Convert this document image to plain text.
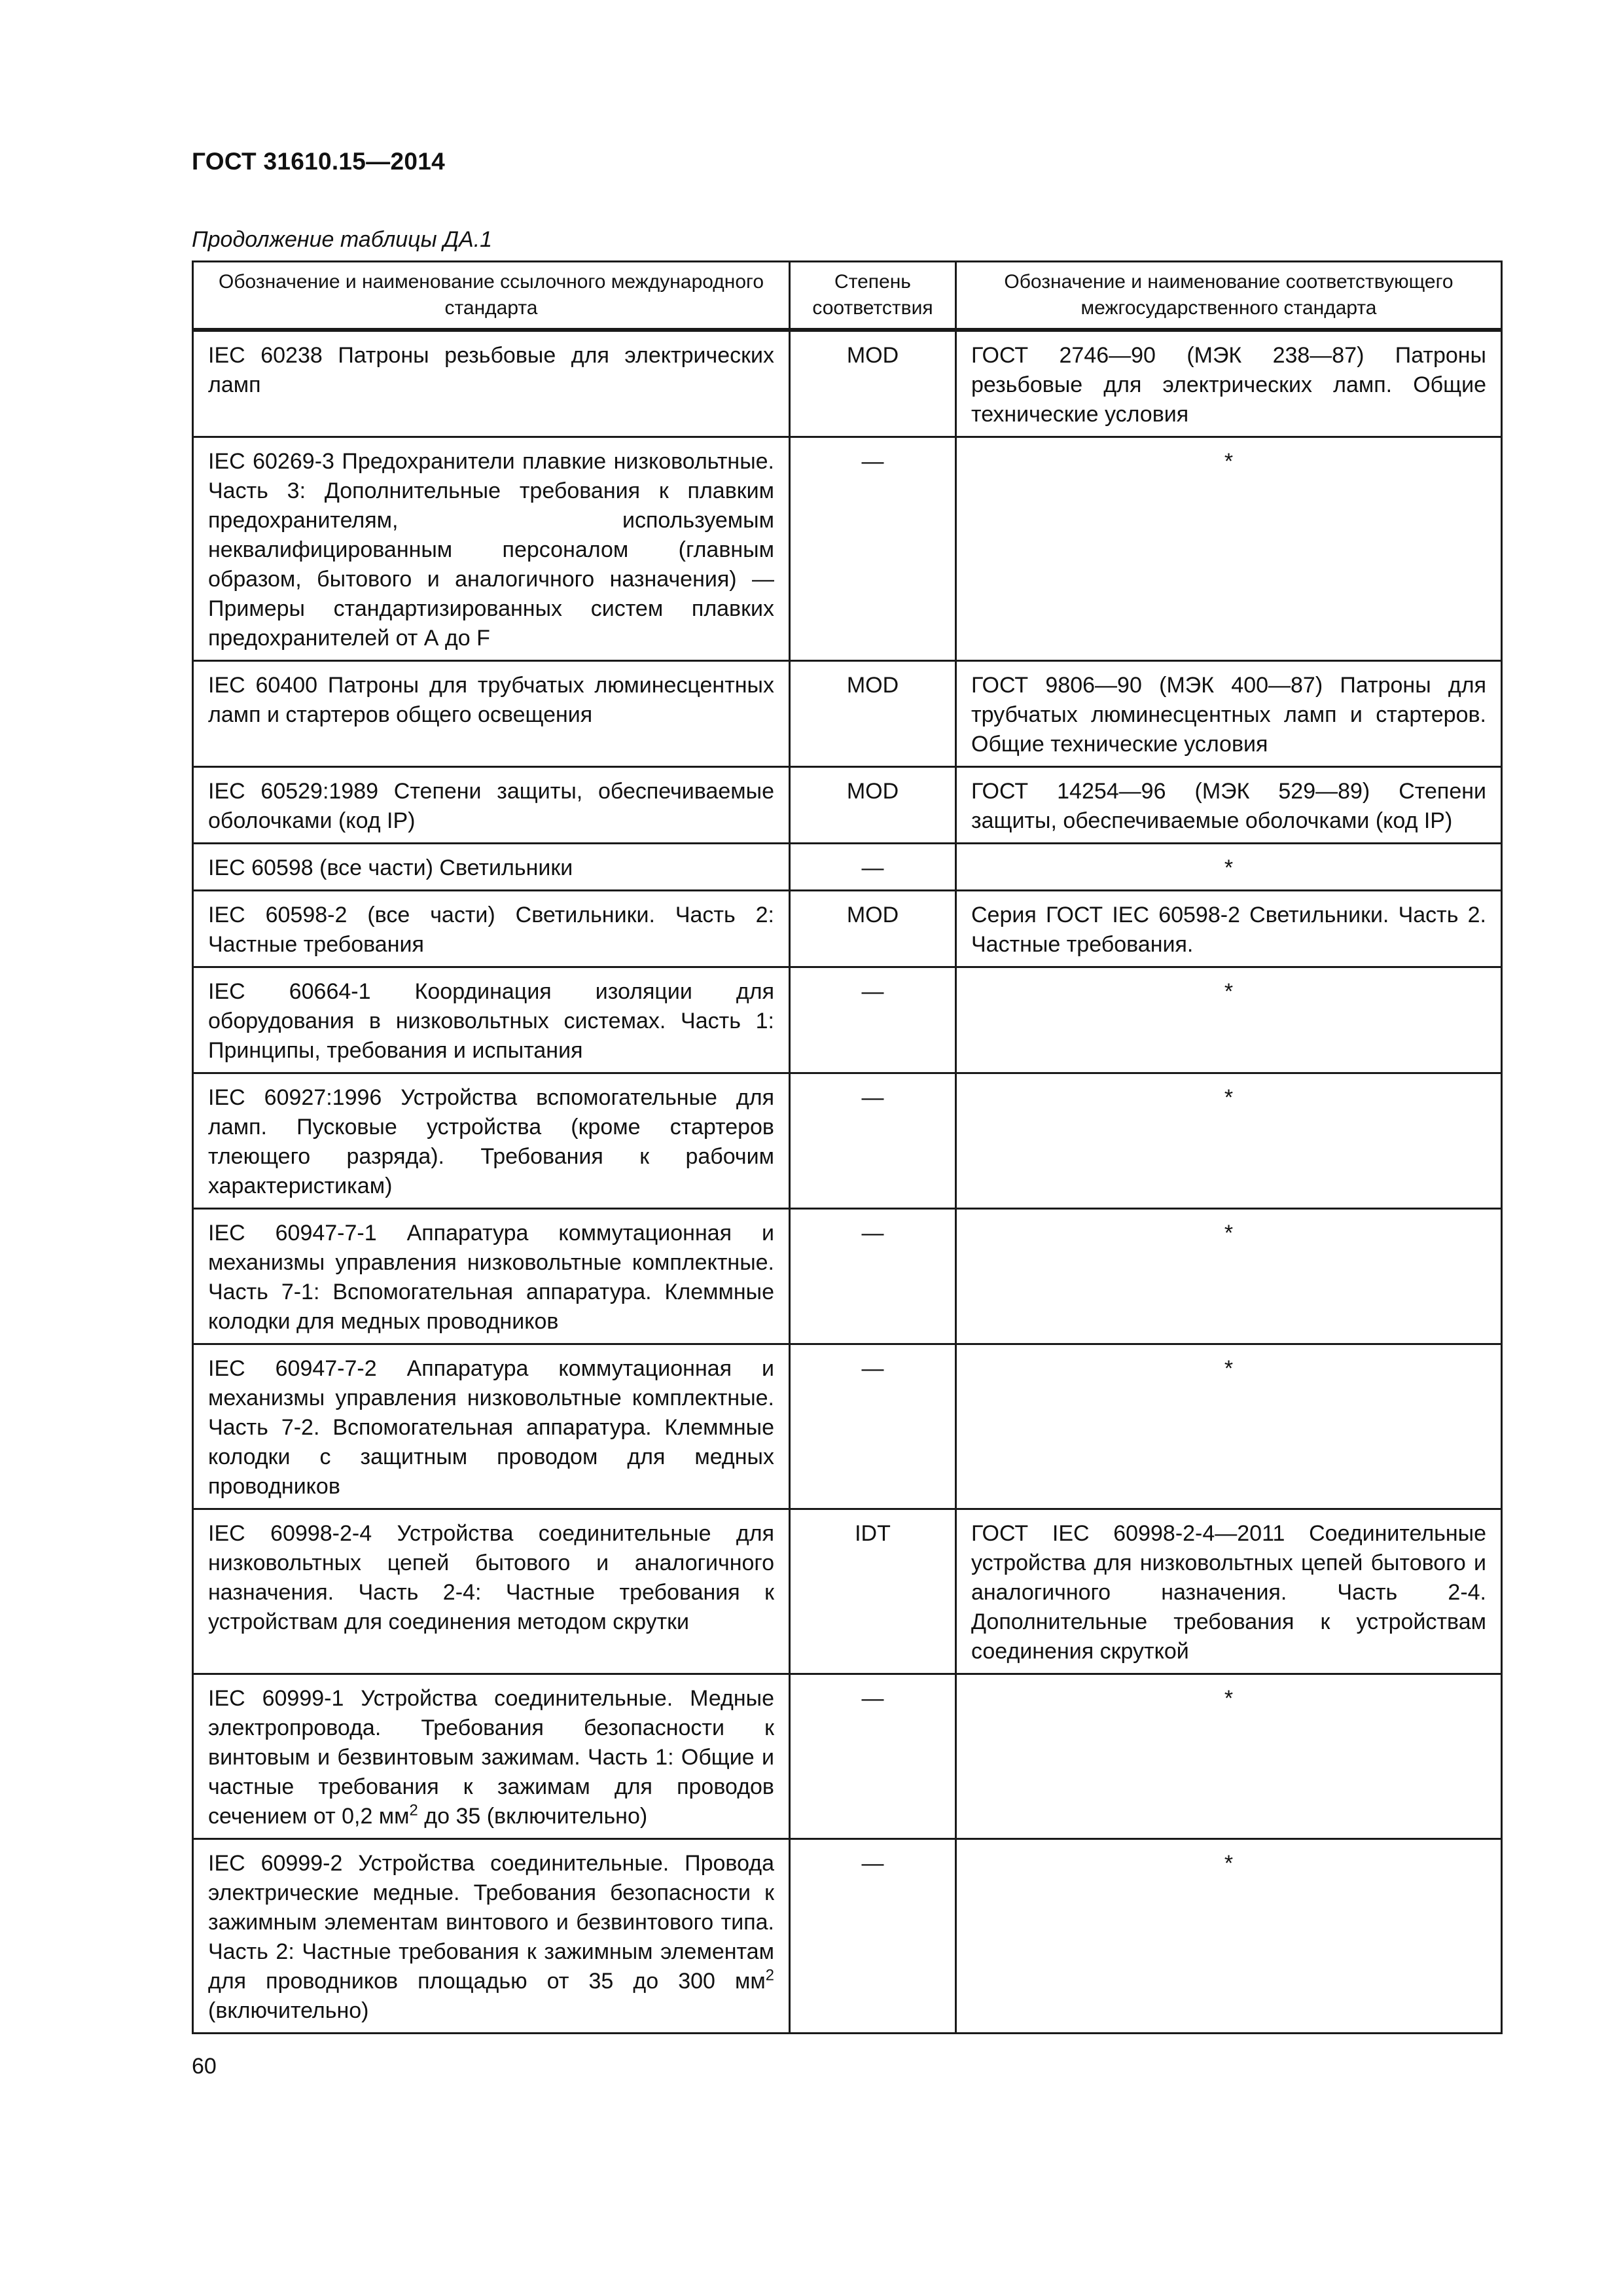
ГОСТ 31610.15—2014
Продолжение таблицы ДА.1
Обозначение и наименование ссылочного международного стандарта	Степень соответствия	Обозначение и наименование соответствующего межгосударственного стандарта
IEC 60238 Патроны резьбовые для электрических ламп	MOD	ГОСТ 2746—90 (МЭК 238—87) Патроны резьбовые для электрических ламп. Общие технические условия
IEC 60269-3 Предохранители плавкие низковольтные. Часть 3: Дополнительные требования к плавким предохранителям, используемым неквалифицированным персоналом (главным образом, бытового и аналогичного назначения) — Примеры стандартизированных систем плавких предохранителей от А до F	—	*
IEC 60400 Патроны для трубчатых люминесцентных ламп и стартеров общего освещения	MOD	ГОСТ 9806—90 (МЭК 400—87) Патроны для трубчатых люминесцентных ламп и стартеров. Общие технические условия
IEC 60529:1989 Степени защиты, обеспечиваемые оболочками (код IP)	MOD	ГОСТ 14254—96 (МЭК 529—89) Степени защиты, обеспечиваемые оболочками (код IP)
IEC 60598 (все части) Светильники	—	*
IEC 60598-2 (все части) Светильники. Часть 2: Частные требования	MOD	Серия ГОСТ IEC 60598-2 Светильники. Часть 2. Частные требования.
IEC 60664-1 Координация изоляции для оборудования в низковольтных системах. Часть 1: Принципы, требования и испытания	—	*
IEC 60927:1996 Устройства вспомогательные для ламп. Пусковые устройства (кроме стартеров тлеющего разряда). Требования к рабочим характеристикам)	—	*
IEC 60947-7-1 Аппаратура коммутационная и механизмы управления низковольтные комплектные. Часть 7-1: Вспомогательная аппаратура. Клеммные колодки для медных проводников	—	*
IEC 60947-7-2 Аппаратура коммутационная и механизмы управления низковольтные комплектные. Часть 7-2. Вспомогательная аппаратура. Клеммные колодки с защитным проводом для медных проводников	—	*
IEC 60998-2-4 Устройства соединительные для низковольтных цепей бытового и аналогичного назначения. Часть 2-4: Частные требования к устройствам для соединения методом скрутки	IDT	ГОСТ IEC 60998-2-4—2011 Соединительные устройства для низковольтных цепей бытового и аналогичного назначения. Часть 2-4. Дополнительные требования к устройствам соединения скруткой
IEC 60999-1 Устройства соединительные. Медные электропровода. Требования безопасности к винтовым и безвинтовым зажимам. Часть 1: Общие и частные требования к зажимам для проводов сечением от 0,2 $мм^2$ до 35 (включительно)	—	*
IEC 60999-2 Устройства соединительные. Провода электрические медные. Требования безопасности к зажимным элементам винтового и безвинтового типа. Часть 2: Частные требования к зажимным элементам для проводников площадью от 35 до 300 $мм^2$ (включительно)	—	*
60
